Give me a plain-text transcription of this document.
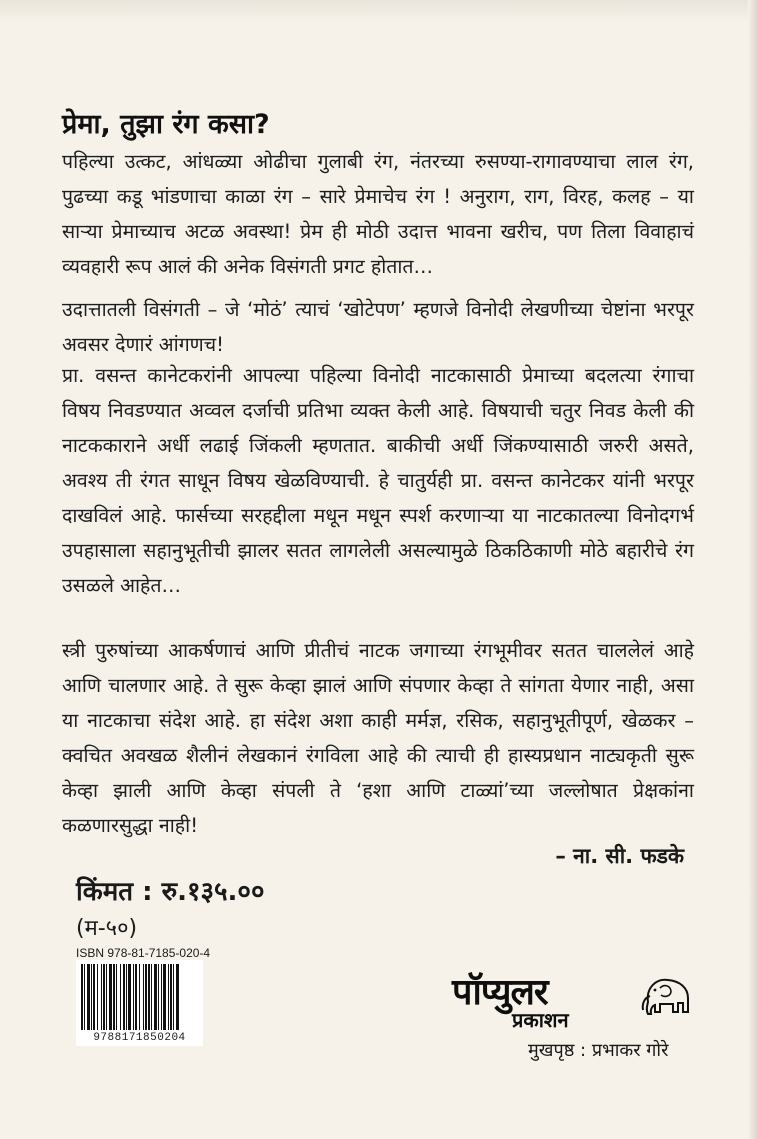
प्रेमा, तुझा रंग कसा?
पहिल्या उत्कट, आंधळ्या ओढीचा गुलाबी रंग, नंतरच्या रुसण्या-रागावण्याचा लाल रंग, पुढच्या कडू भांडणाचा काळा रंग – सारे प्रेमाचेच रंग ! अनुराग, राग, विरह, कलह – या साऱ्या प्रेमाच्याच अटळ अवस्था! प्रेम ही मोठी उदात्त भावना खरीच, पण तिला विवाहाचं व्यवहारी रूप आलं की अनेक विसंगती प्रगट होतात…
उदात्तातली विसंगती – जे ‘मोठं’ त्याचं ‘खोटेपण’ म्हणजे विनोदी लेखणीच्या चेष्टांना भरपूर अवसर देणारं आंगणच!
प्रा. वसन्त कानेटकरांनी आपल्या पहिल्या विनोदी नाटकासाठी प्रेमाच्या बदलत्या रंगाचा विषय निवडण्यात अव्वल दर्जाची प्रतिभा व्यक्त केली आहे. विषयाची चतुर निवड केली की नाटककाराने अर्धी लढाई जिंकली म्हणतात. बाकीची अर्धी जिंकण्यासाठी जरुरी असते, अवश्य ती रंगत साधून विषय खेळविण्याची. हे चातुर्यही प्रा. वसन्त कानेटकर यांनी भरपूर दाखविलं आहे. फार्सच्या सरहद्दीला मधून मधून स्पर्श करणाऱ्या या नाटकातल्या विनोदगर्भ उपहासाला सहानुभूतीची झालर सतत लागलेली असल्यामुळे ठिकठिकाणी मोठे बहारीचे रंग उसळले आहेत…
स्त्री पुरुषांच्या आकर्षणाचं आणि प्रीतीचं नाटक जगाच्या रंगभूमीवर सतत चाललेलं आहे आणि चालणार आहे. ते सुरू केव्हा झालं आणि संपणार केव्हा ते सांगता येणार नाही, असा या नाटकाचा संदेश आहे. हा संदेश अशा काही मर्मज्ञ, रसिक, सहानुभूतीपूर्ण, खेळकर – क्वचित अवखळ शैलीनं लेखकानं रंगविला आहे की त्याची ही हास्यप्रधान नाट्यकृती सुरू केव्हा झाली आणि केव्हा संपली ते ‘हशा आणि टाळ्यां’च्या जल्लोषात प्रेक्षकांना कळणारसुद्धा नाही!
– ना. सी. फडके
किंमत : रु.१३५.००
(म-५०)
ISBN 978-81-7185-020-4
9788171850204
पॉप्युलर
प्रकाशन
मुखपृष्ठ : प्रभाकर गोरे
